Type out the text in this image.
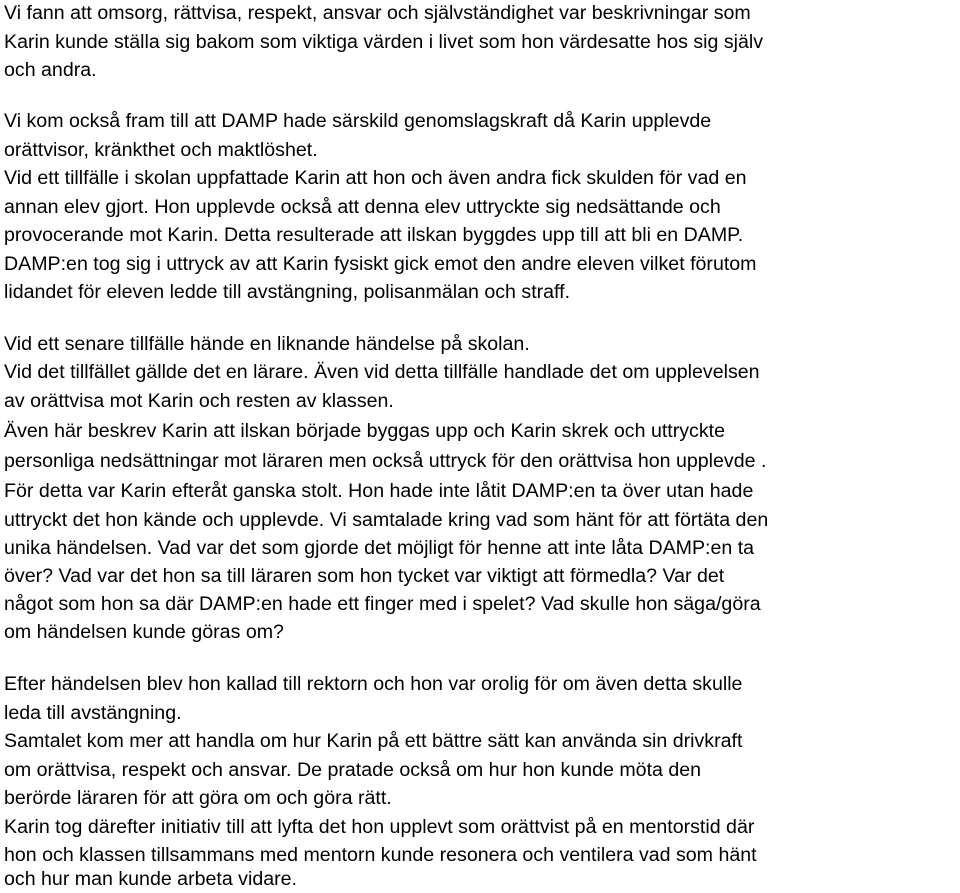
Vi fann att omsorg, rättvisa, respekt, ansvar och självständighet var beskrivningar som
Karin kunde ställa sig bakom som viktiga värden i livet som hon värdesatte hos sig själv
och andra.
Vi kom också fram till att DAMP hade särskild genomslagskraft då Karin upplevde
orättvisor, kränkthet och maktlöshet.
Vid ett tillfälle i skolan uppfattade Karin att hon och även andra fick skulden för vad en
annan elev gjort. Hon upplevde också att denna elev uttryckte sig nedsättande och
provocerande mot Karin. Detta resulterade att ilskan byggdes upp till att bli en DAMP.
DAMP:en tog sig i uttryck av att Karin fysiskt gick emot den andre eleven vilket förutom
lidandet för eleven ledde till avstängning, polisanmälan och straff.
Vid ett senare tillfälle hände en liknande händelse på skolan.
Vid det tillfället gällde det en lärare. Även vid detta tillfälle handlade det om upplevelsen
av orättvisa mot Karin och resten av klassen.
Även här beskrev Karin att ilskan började byggas upp och Karin skrek och uttryckte
personliga nedsättningar mot läraren men också uttryck för den orättvisa hon upplevde .
För detta var Karin efteråt ganska stolt. Hon hade inte låtit DAMP:en ta över utan hade
uttryckt det hon kände och upplevde. Vi samtalade kring vad som hänt för att förtäta den
unika händelsen. Vad var det som gjorde det möjligt för henne att inte låta DAMP:en ta
över? Vad var det hon sa till läraren som hon tycket var viktigt att förmedla? Var det
något som hon sa där DAMP:en hade ett finger med i spelet? Vad skulle hon säga/göra
om händelsen kunde göras om?
Efter händelsen blev hon kallad till rektorn och hon var orolig för om även detta skulle
leda till avstängning.
Samtalet kom mer att handla om hur Karin på ett bättre sätt kan använda sin drivkraft
om orättvisa, respekt och ansvar. De pratade också om hur hon kunde möta den
berörde läraren för att göra om och göra rätt.
Karin tog därefter initiativ till att lyfta det hon upplevt som orättvist på en mentorstid där
hon och klassen tillsammans med mentorn kunde resonera och ventilera vad som hänt
och hur man kunde arbeta vidare.
